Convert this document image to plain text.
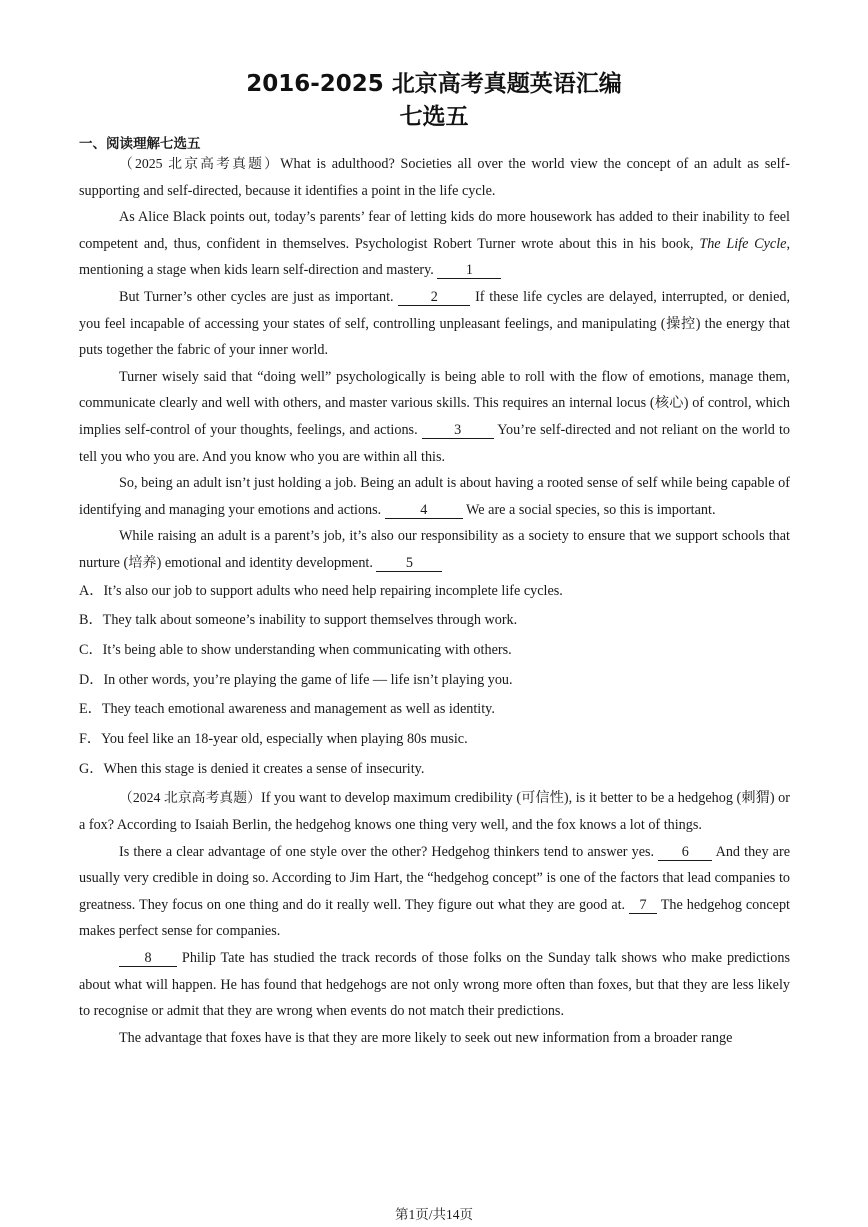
2016-2025 北京高考真题英语汇编
七选五
一、阅读理解七选五

（2025 北京高考真题）What is adulthood? Societies all over the world view the concept of an adult as self-supporting and self-directed, because it identifies a point in the life cycle.

As Alice Black points out, today’s parents’ fear of letting kids do more housework has added to their inability to feel competent and, thus, confident in themselves. Psychologist Robert Turner wrote about this in his book, The Life Cycle, mentioning a stage when kids learn self-direction and mastery. 1

But Turner’s other cycles are just as important. 2 If these life cycles are delayed, interrupted, or denied, you feel incapable of accessing your states of self, controlling unpleasant feelings, and manipulating (操控) the energy that puts together the fabric of your inner world.

Turner wisely said that “doing well” psychologically is being able to roll with the flow of emotions, manage them, communicate clearly and well with others, and master various skills. This requires an internal locus (核心) of control, which implies self-control of your thoughts, feelings, and actions. 3 You’re self-directed and not reliant on the world to tell you who you are. And you know who you are within all this.

So, being an adult isn’t just holding a job. Being an adult is about having a rooted sense of self while being capable of identifying and managing your emotions and actions. 4 We are a social species, so this is important.

While raising an adult is a parent’s job, it’s also our responsibility as a society to ensure that we support schools that nurture (培养) emotional and identity development. 5

A．It’s also our job to support adults who need help repairing incomplete life cycles.

B．They talk about someone’s inability to support themselves through work.

C．It’s being able to show understanding when communicating with others.

D．In other words, you’re playing the game of life — life isn’t playing you.

E．They teach emotional awareness and management as well as identity.

F．You feel like an 18-year old, especially when playing 80s music.

G．When this stage is denied it creates a sense of insecurity.

（2024 北京高考真题）If you want to develop maximum credibility (可信性), is it better to be a hedgehog (刺猬) or a fox? According to Isaiah Berlin, the hedgehog knows one thing very well, and the fox knows a lot of things.

Is there a clear advantage of one style over the other? Hedgehog thinkers tend to answer yes. 6 And they are usually very credible in doing so. According to Jim Hart, the “hedgehog concept” is one of the factors that lead companies to greatness. They focus on one thing and do it really well. They figure out what they are good at. 7 The hedgehog concept makes perfect sense for companies.

8 Philip Tate has studied the track records of those folks on the Sunday talk shows who make predictions about what will happen. He has found that hedgehogs are not only wrong more often than foxes, but that they are less likely to recognise or admit that they are wrong when events do not match their predictions.

The advantage that foxes have is that they are more likely to seek out new information from a broader range

第1页/共14页
